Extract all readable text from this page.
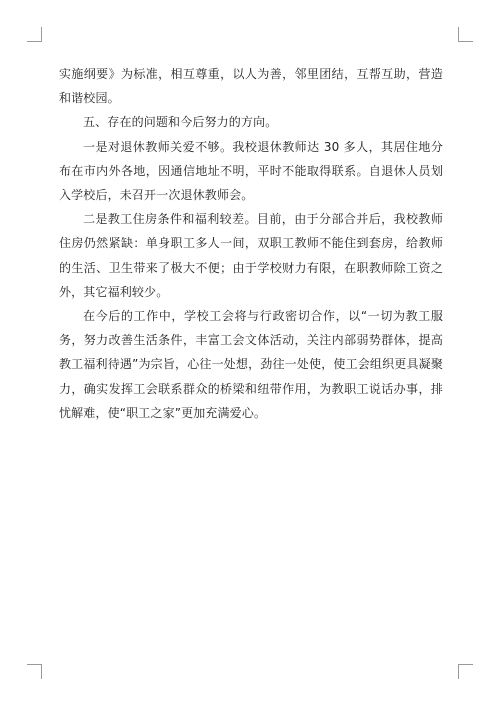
实施纲要》为标准，相互尊重，以人为善，邻里团结，互帮互助，营造和谐校园。

五、存在的问题和今后努力的方向。

一是对退休教师关爱不够。我校退休教师达 30 多人，其居住地分布在市内外各地，因通信地址不明，平时不能取得联系。自退休人员划入学校后，未召开一次退休教师会。

二是教工住房条件和福利较差。目前，由于分部合并后，我校教师住房仍然紧缺：单身职工多人一间，双职工教师不能住到套房，给教师的生活、卫生带来了极大不便；由于学校财力有限，在职教师除工资之外，其它福利较少。

在今后的工作中，学校工会将与行政密切合作，以“一切为教工服务，努力改善生活条件，丰富工会文体活动，关注内部弱势群体，提高教工福利待遇”为宗旨，心往一处想，劲往一处使，使工会组织更具凝聚力，确实发挥工会联系群众的桥梁和纽带作用，为教职工说话办事，排忧解难，使“职工之家”更加充满爱心。
